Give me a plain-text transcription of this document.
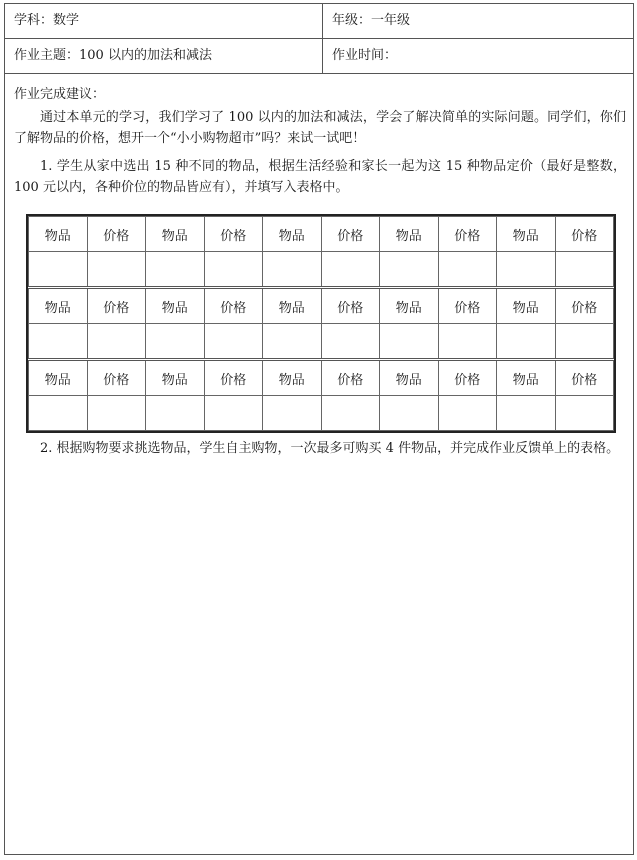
学科：数学	年级：一年级
作业主题：100 以内的加法和减法	作业时间：
作业完成建议：
通过本单元的学习，我们学习了 100 以内的加法和减法，学会了解决简单的实际问题。同学们，你们了解物品的价格，想开一个“小小购物超市”吗？来试一试吧！
1. 学生从家中选出 15 种不同的物品，根据生活经验和家长一起为这 15 种物品定价（最好是整数，100 元以内，各种价位的物品皆应有），并填写入表格中。
物品	价格	物品	价格	物品	价格	物品	价格	物品	价格

物品	价格	物品	价格	物品	价格	物品	价格	物品	价格

物品	价格	物品	价格	物品	价格	物品	价格	物品	价格

2. 根据购物要求挑选物品，学生自主购物，一次最多可购买 4 件物品，并完成作业反馈单上的表格。
